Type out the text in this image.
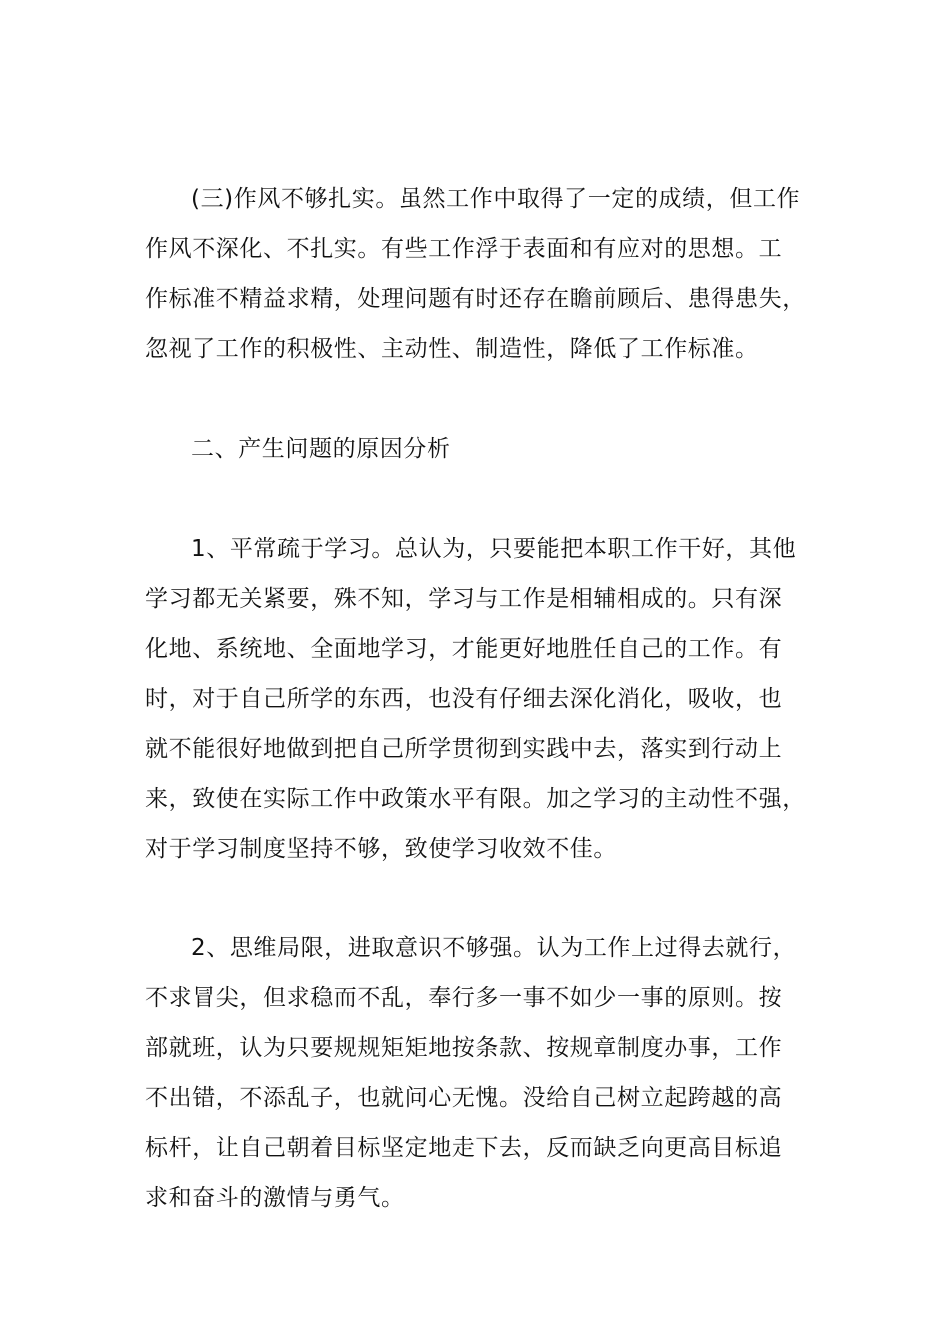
(三)作风不够扎实。虽然工作中取得了一定的成绩，但工作
作风不深化、不扎实。有些工作浮于表面和有应对的思想。工
作标准不精益求精，处理问题有时还存在瞻前顾后、患得患失，
忽视了工作的积极性、主动性、制造性，降低了工作标准。
二、产生问题的原因分析
1、平常疏于学习。总认为，只要能把本职工作干好，其他
学习都无关紧要，殊不知，学习与工作是相辅相成的。只有深
化地、系统地、全面地学习，才能更好地胜任自己的工作。有
时，对于自己所学的东西，也没有仔细去深化消化，吸收，也
就不能很好地做到把自己所学贯彻到实践中去，落实到行动上
来，致使在实际工作中政策水平有限。加之学习的主动性不强，
对于学习制度坚持不够，致使学习收效不佳。
2、思维局限，进取意识不够强。认为工作上过得去就行，
不求冒尖，但求稳而不乱，奉行多一事不如少一事的原则。按
部就班，认为只要规规矩矩地按条款、按规章制度办事，工作
不出错，不添乱子，也就问心无愧。没给自己树立起跨越的高
标杆，让自己朝着目标坚定地走下去，反而缺乏向更高目标追
求和奋斗的激情与勇气。
